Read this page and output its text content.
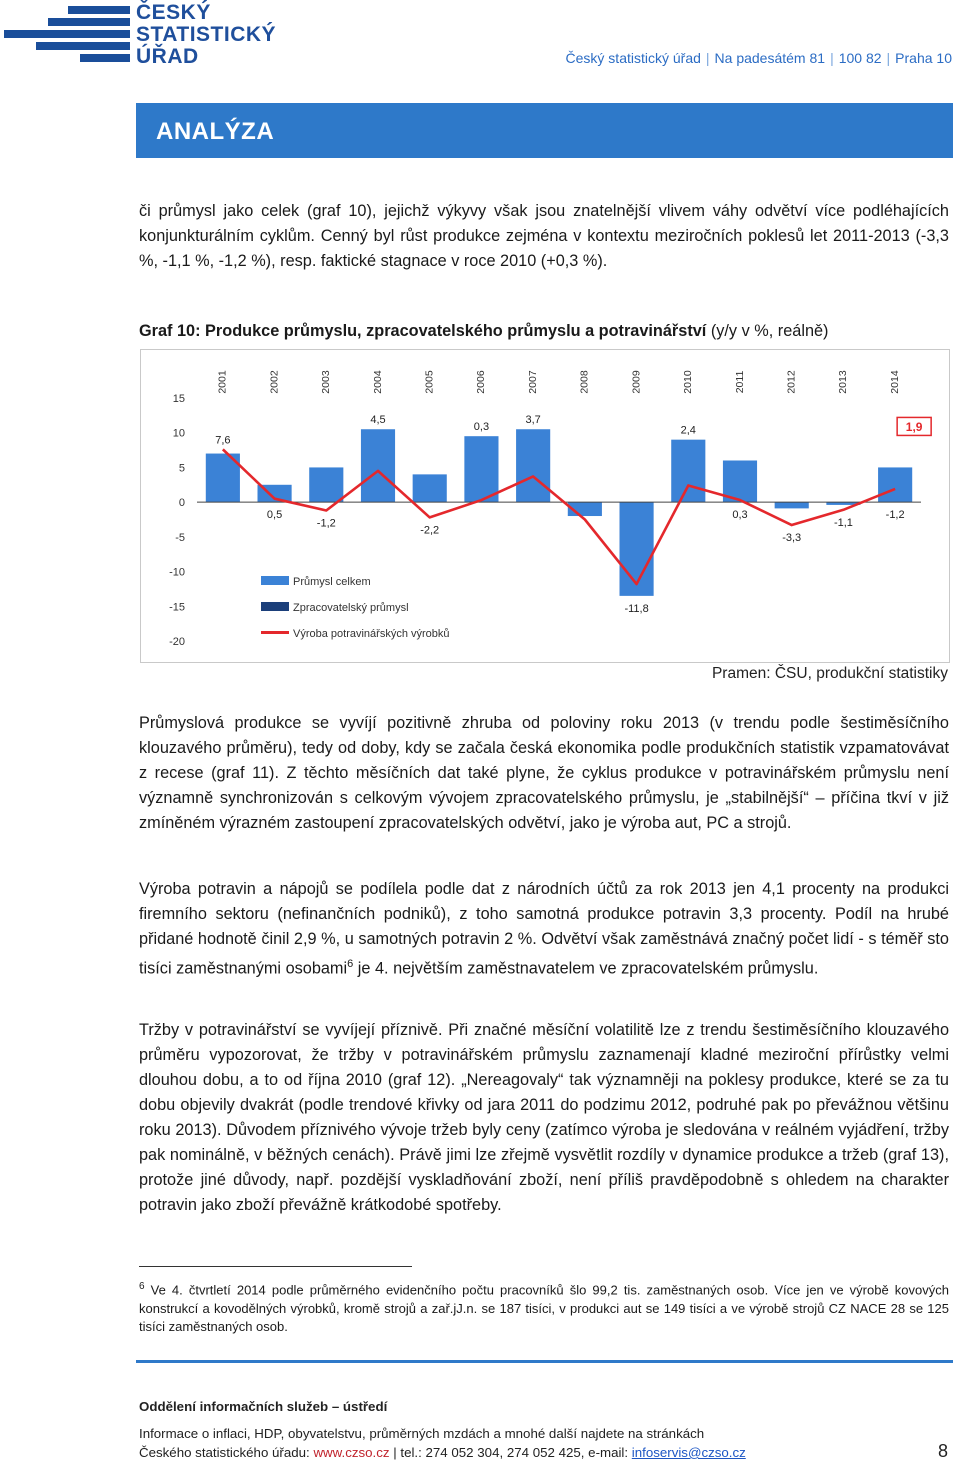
ČESKÝ
STATISTICKÝ
ÚŘAD	Český statistický úřad | Na padesátém 81 | 100 82 | Praha 10
ANALÝZA
či průmysl jako celek (graf 10), jejichž výkyvy však jsou znatelnější vlivem váhy odvětví více podléhajících konjunkturálním cyklům. Cenný byl růst produkce zejména v kontextu meziročních poklesů let 2011-2013 (-3,3 %, -1,1 %, -1,2 %), resp. faktické stagnace v roce 2010 (+0,3 %).
Graf 10: Produkce průmyslu, zpracovatelského průmyslu a potravinářství (y/y v %, reálně)
15
10
5
0
-5
-10
-15
-20
2001	2002	2003	2004	2005	2006	2007	2008	2009	2010	2011	2012	2013	2014
7,6
0,5
-1,2
4,5
-2,2
0,3
3,7
-11,8
2,4
0,3
-3,3
-1,1
-1,2
1,9
Průmysl celkem
Zpracovatelský průmysl
Výroba potravinářských výrobků
Pramen: ČSU, produkční statistiky
Průmyslová produkce se vyvíjí pozitivně zhruba od poloviny roku 2013 (v trendu podle šestiměsíčního klouzavého průměru), tedy od doby, kdy se začala česká ekonomika podle produkčních statistik vzpamatovávat z recese (graf 11). Z těchto měsíčních dat také plyne, že cyklus produkce v potravinářském průmyslu není významně synchronizován s celkovým vývojem zpracovatelského průmyslu, je „stabilnější“ – příčina tkví v již zmíněném výrazném zastoupení zpracovatelských odvětví, jako je výroba aut, PC a strojů.
Výroba potravin a nápojů se podílela podle dat z národních účtů za rok 2013 jen 4,1 procenty na produkci firemního sektoru (nefinančních podniků), z toho samotná produkce potravin 3,3 procenty. Podíl na hrubé přidané hodnotě činil 2,9 %, u samotných potravin 2 %. Odvětví však zaměstnává značný počet lidí - s téměř sto tisíci zaměstnanými osobami$^6$ je 4. největším zaměstnavatelem ve zpracovatelském průmyslu.
Tržby v potravinářství se vyvíjejí příznivě. Při značné měsíční volatilitě lze z trendu šestiměsíčního klouzavého průměru vypozorovat, že tržby v potravinářském průmyslu zaznamenají kladné meziroční přírůstky velmi dlouhou dobu, a to od října 2010 (graf 12). „Nereagovaly“ tak významněji na poklesy produkce, které se za tu dobu objevily dvakrát (podle trendové křivky od jara 2011 do podzimu 2012, podruhé pak po převážnou většinu roku 2013). Důvodem příznivého vývoje tržeb byly ceny (zatímco výroba je sledována v reálném vyjádření, tržby pak nominálně, v běžných cenách). Právě jimi lze zřejmě vysvětlit rozdíly v dynamice produkce a tržeb (graf 13), protože jiné důvody, např. pozdější vyskladňování zboží, není příliš pravděpodobně s ohledem na charakter potravin jako zboží převážně krátkodobé spotřeby.
$^6$ Ve 4. čtvrtletí 2014 podle průměrného evidenčního počtu pracovníků šlo 99,2 tis. zaměstnaných osob. Více jen ve výrobě kovových konstrukcí a kovodělných výrobků, kromě strojů a zař.jJ.n. se 187 tisíci, v produkci aut se 149 tisíci a ve výrobě strojů CZ NACE 28 se 125 tisíci zaměstnaných osob.
Oddělení informačních služeb – ústředí
Informace o inflaci, HDP, obyvatelstvu, průměrných mzdách a mnohé další najdete na stránkách
Českého statistického úřadu: www.czso.cz | tel.: 274 052 304, 274 052 425, e-mail: infoservis@czso.cz	8
